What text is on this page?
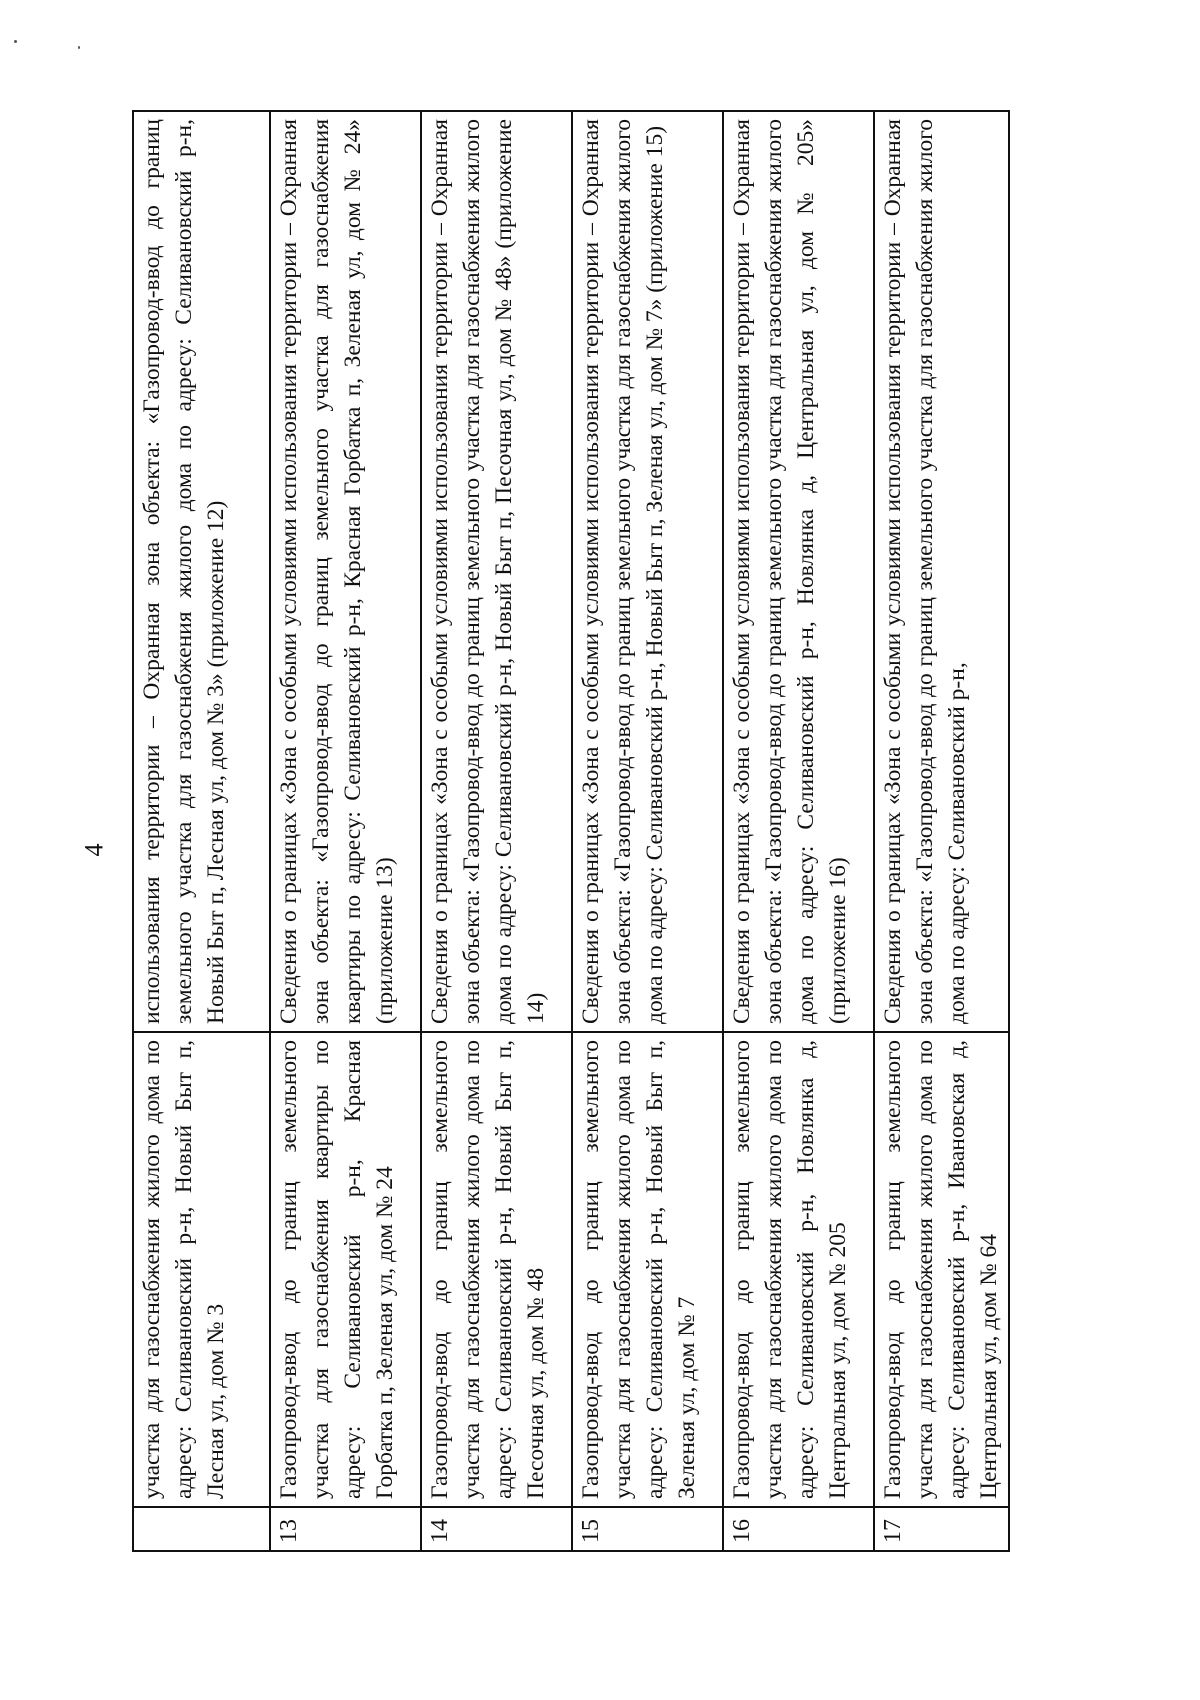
4

	участка для газоснабжения жилого дома по адресу: Селивановский р-н, Новый Быт п, Лесная ул, дом № 3	использования территории – Охранная зона объекта: «Газопровод-ввод до границ земельного участка для газоснабжения жилого дома по адресу: Селивановский р-н, Новый Быт п, Лесная ул, дом № 3» (приложение 12)

13	Газопровод-ввод до границ земельного участка для газоснабжения квартиры по адресу: Селивановский р-н, Красная Горбатка п, Зеленая ул, дом № 24	Сведения о границах «Зона с особыми условиями использования территории – Охранная зона объекта: «Газопровод-ввод до границ земельного участка для газоснабжения квартиры по адресу: Селивановский р-н, Красная Горбатка п, Зеленая ул, дом № 24» (приложение 13)

14	Газопровод-ввод до границ земельного участка для газоснабжения жилого дома по адресу: Селивановский р-н, Новый Быт п, Песочная ул, дом № 48	Сведения о границах «Зона с особыми условиями использования территории – Охранная зона объекта: «Газопровод-ввод до границ земельного участка для газоснабжения жилого дома по адресу: Селивановский р-н, Новый Быт п, Песочная ул, дом № 48» (приложение 14)

15	Газопровод-ввод до границ земельного участка для газоснабжения жилого дома по адресу: Селивановский р-н, Новый Быт п, Зеленая ул, дом № 7	Сведения о границах «Зона с особыми условиями использования территории – Охранная зона объекта: «Газопровод-ввод до границ земельного участка для газоснабжения жилого дома по адресу: Селивановский р-н, Новый Быт п, Зеленая ул, дом № 7» (приложение 15)

16	Газопровод-ввод до границ земельного участка для газоснабжения жилого дома по адресу: Селивановский р-н, Новлянка д, Центральная ул, дом № 205	Сведения о границах «Зона с особыми условиями использования территории – Охранная зона объекта: «Газопровод-ввод до границ земельного участка для газоснабжения жилого дома по адресу: Селивановский р-н, Новлянка д, Центральная ул, дом № 205» (приложение 16)

17	Газопровод-ввод до границ земельного участка для газоснабжения жилого дома по адресу: Селивановский р-н, Ивановская д, Центральная ул, дом № 64	Сведения о границах «Зона с особыми условиями использования территории – Охранная зона объекта: «Газопровод-ввод до границ земельного участка для газоснабжения жилого дома по адресу: Селивановский р-н,
